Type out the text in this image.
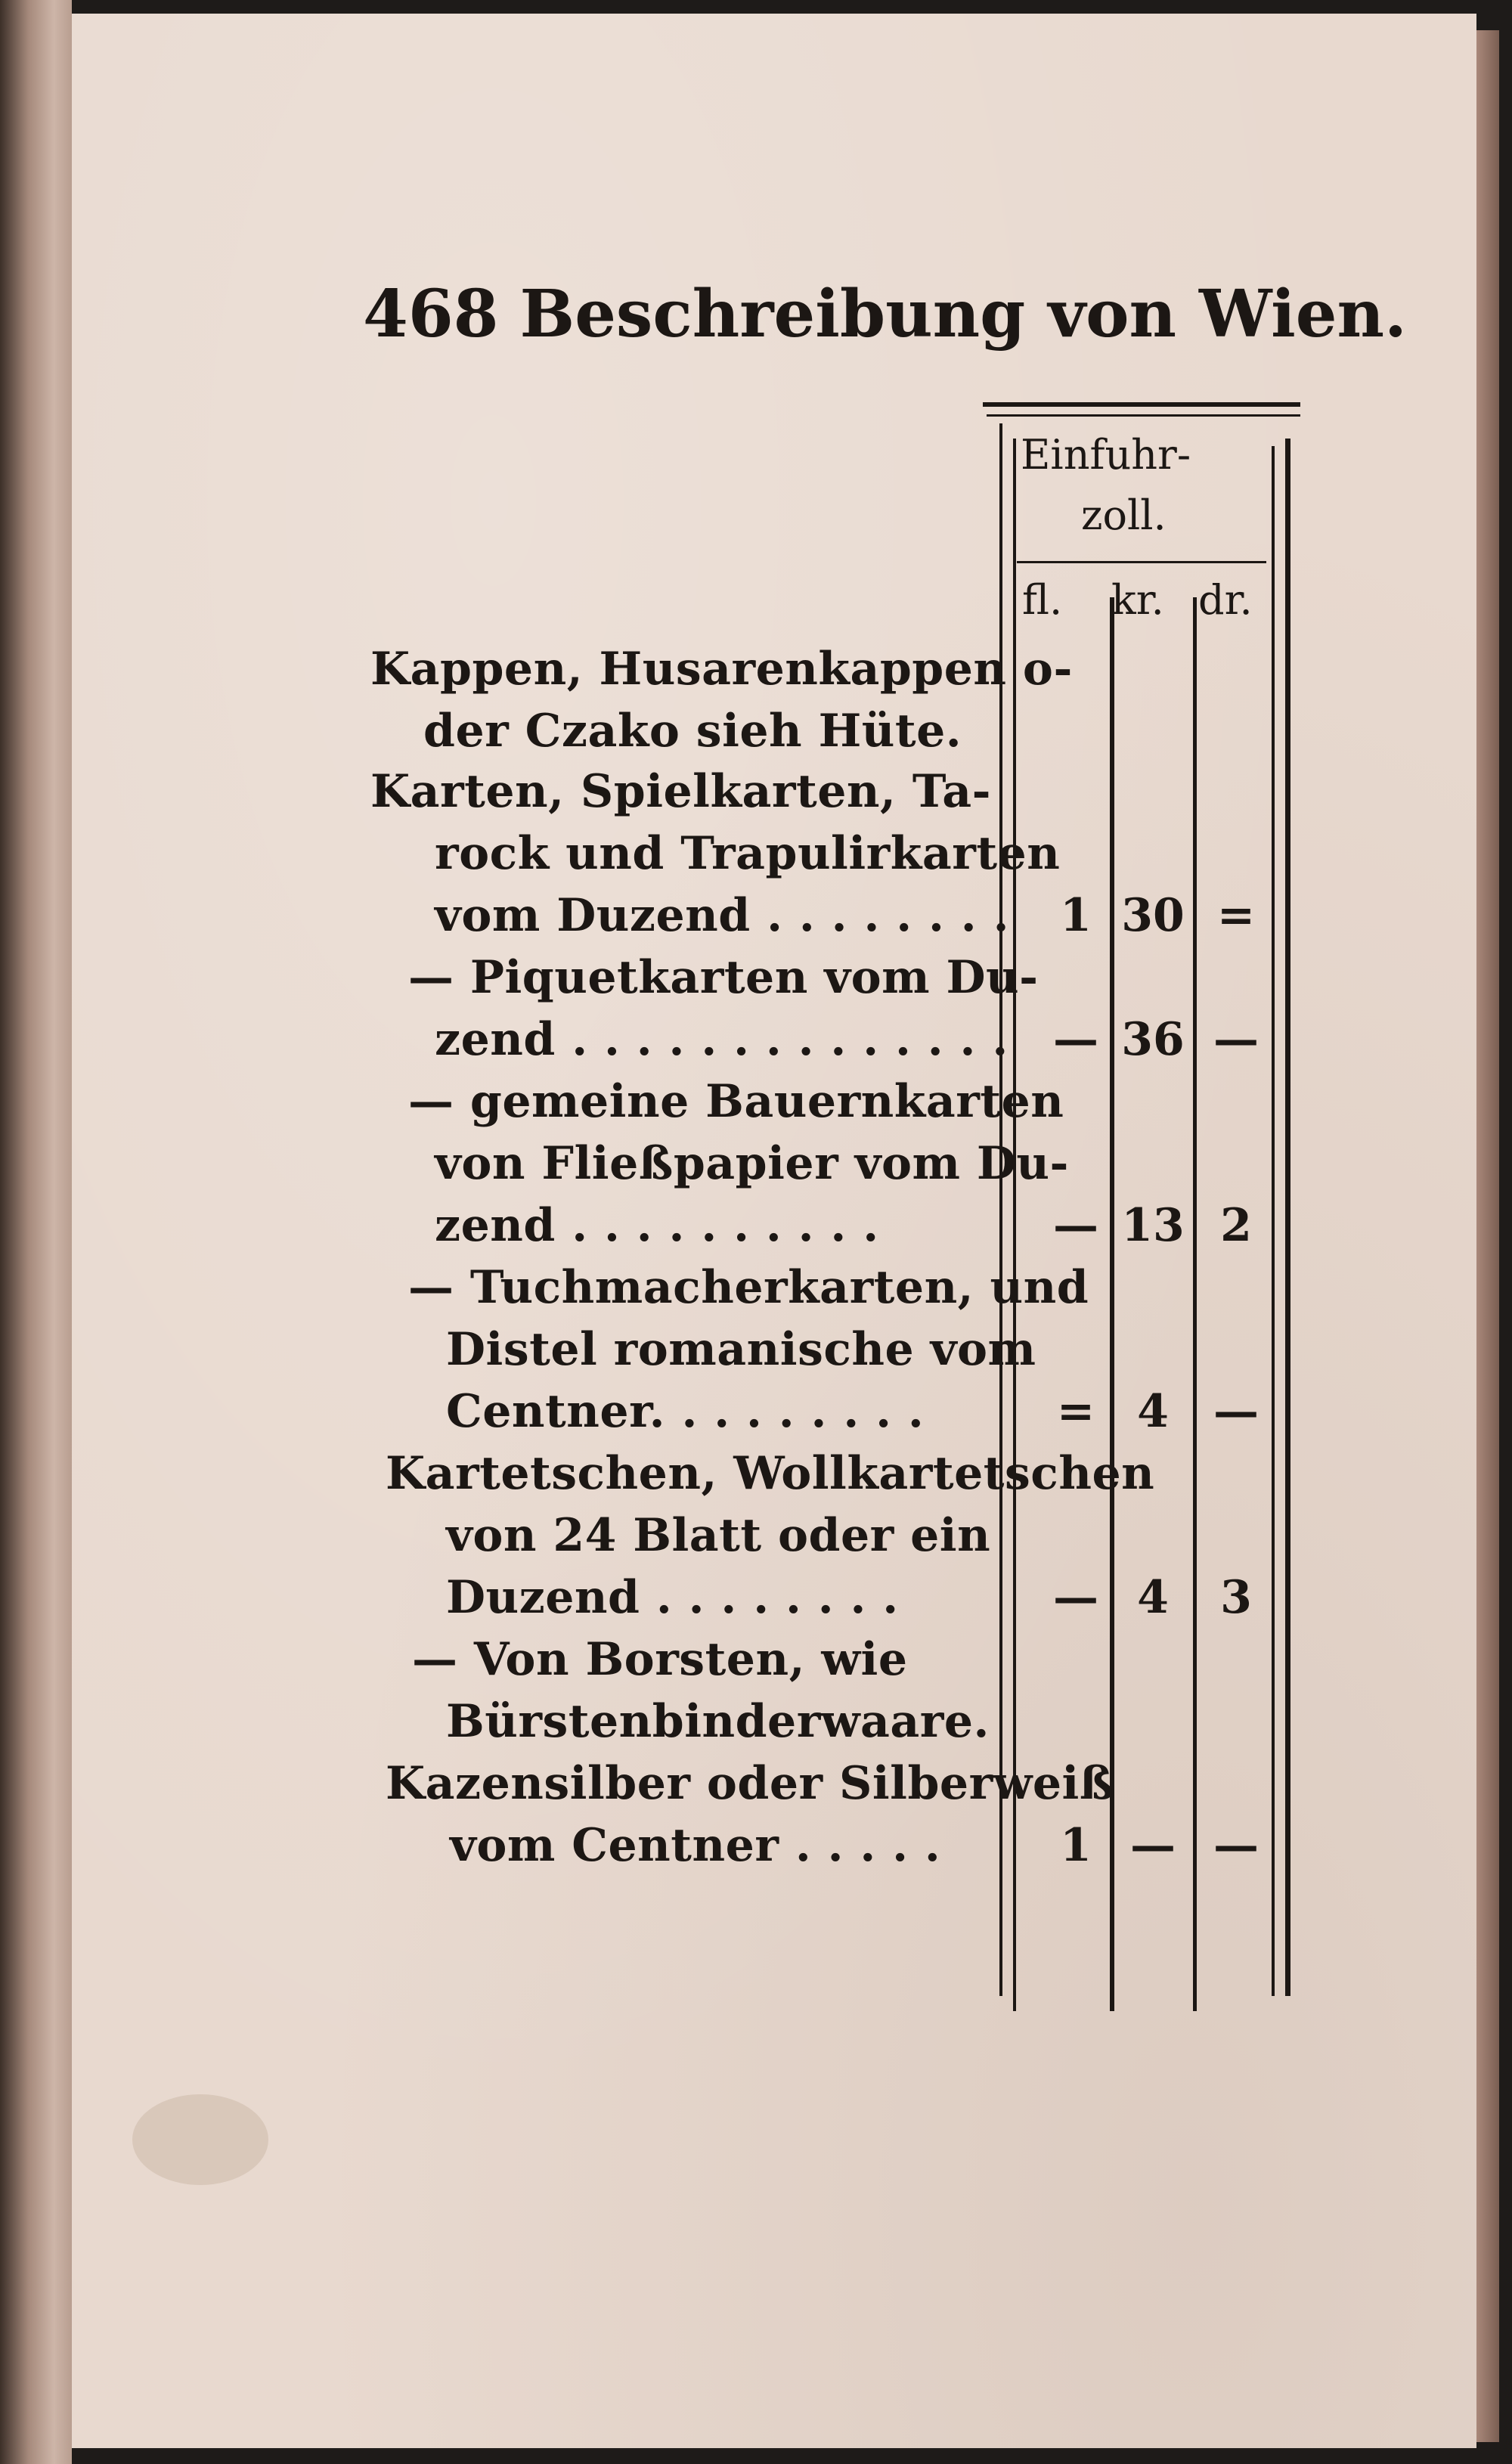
468 Beschreibung von Wien.
Einfuhr-
zoll.
fl. kr. dr.
Kappen, Husarenkappen o-
der Czako sieh Hüte.
Karten, Spielkarten, Ta-
rock und Trapulirkarten
vom Duzend . . . . . . . .
— Piquetkarten vom Du-
zend . . . . . . . . . . . . . .
— gemeine Bauernkarten
von Fließpapier vom Du-
zend . . . . . . . . . .
— Tuchmacherkarten, und
Distel romanische vom
Centner. . . . . . . . .
Kartetschen, Wollkartetschen
von 24 Blatt oder ein
Duzend . . . . . . . .
— Von Borsten, wie
Bürstenbinderwaare.
Kazensilber oder Silberweiß
vom Centner . . . . .
1 30 =
— 36 —
— 13 2
= 4 —
— 4	3
1 — —
